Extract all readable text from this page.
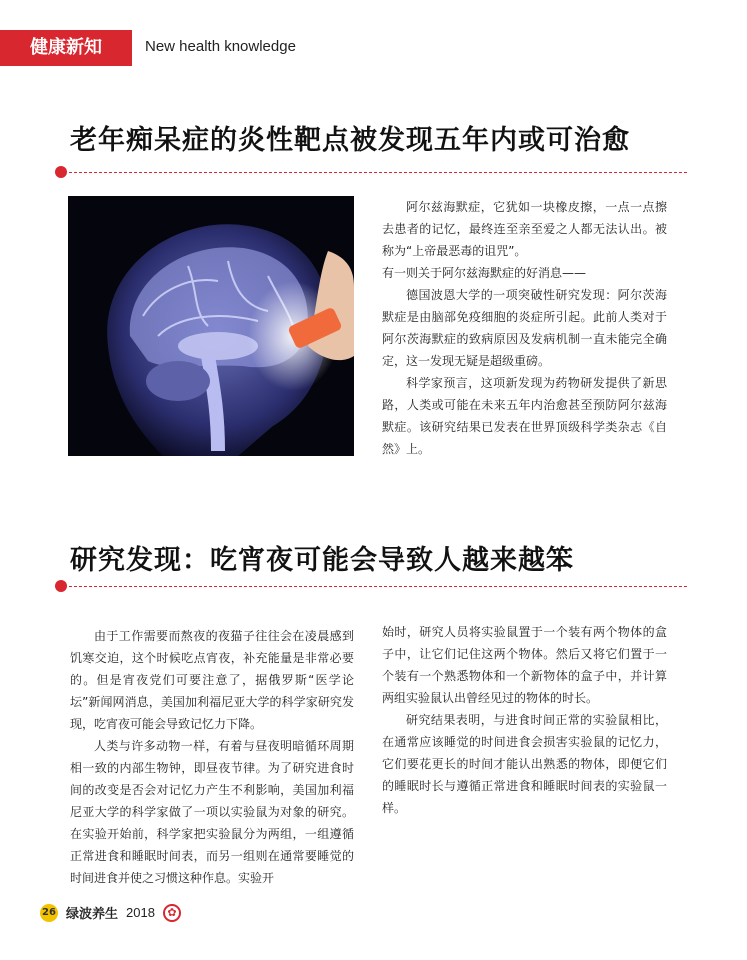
健康新知	New health knowledge
老年痴呆症的炎性靶点被发现五年内或可治愈

阿尔兹海默症，它犹如一块橡皮擦，一点一点擦去患者的记忆，最终连至亲至爱之人都无法认出。被称为“上帝最恶毒的诅咒”。

有一则关于阿尔兹海默症的好消息——

德国波恩大学的一项突破性研究发现：阿尔茨海默症是由脑部免疫细胞的炎症所引起。此前人类对于阿尔茨海默症的致病原因及发病机制一直未能完全确定，这一发现无疑是超级重磅。

科学家预言，这项新发现为药物研发提供了新思路，人类或可能在未来五年内治愈甚至预防阿尔兹海默症。该研究结果已发表在世界顶级科学类杂志《自然》上。

研究发现：吃宵夜可能会导致人越来越笨

由于工作需要而熬夜的夜猫子往往会在凌晨感到饥寒交迫，这个时候吃点宵夜，补充能量是非常必要的。但是宵夜党们可要注意了，据俄罗斯“医学论坛”新闻网消息，美国加利福尼亚大学的科学家研究发现，吃宵夜可能会导致记忆力下降。

人类与许多动物一样，有着与昼夜明暗循环周期相一致的内部生物钟，即昼夜节律。为了研究进食时间的改变是否会对记忆力产生不利影响，美国加利福尼亚大学的科学家做了一项以实验鼠为对象的研究。在实验开始前，科学家把实验鼠分为两组，一组遵循正常进食和睡眠时间表，而另一组则在通常要睡觉的时间进食并使之习惯这种作息。实验开

始时，研究人员将实验鼠置于一个装有两个物体的盒子中，让它们记住这两个物体。然后又将它们置于一个装有一个熟悉物体和一个新物体的盒子中，并计算两组实验鼠认出曾经见过的物体的时长。

研究结果表明，与进食时间正常的实验鼠相比，在通常应该睡觉的时间进食会损害实验鼠的记忆力，它们要花更长的时间才能认出熟悉的物体，即便它们的睡眠时长与遵循正常进食和睡眠时间表的实验鼠一样。

26 绿波养生 2018	✿
